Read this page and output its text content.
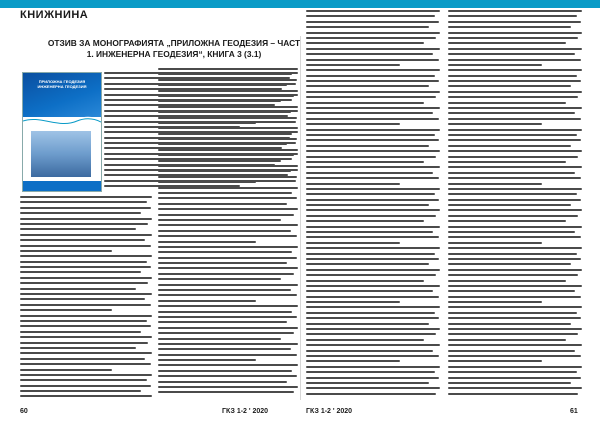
КНИЖНИНА
ОТЗИВ ЗА МОНОГРАФИЯТА „ПРИЛОЖНА ГЕОДЕЗИЯ – ЧАСТ 1. ИНЖЕНЕРНА ГЕОДЕЗИЯ“, КНИГА 3 (3.1)
ПРИЛОЖНА ГЕОДЕЗИЯ ИНЖЕНЕРНА ГЕОДЕЗИЯ
60	ГКЗ 1-2 ' 2020	ГКЗ 1-2 ' 2020	61
